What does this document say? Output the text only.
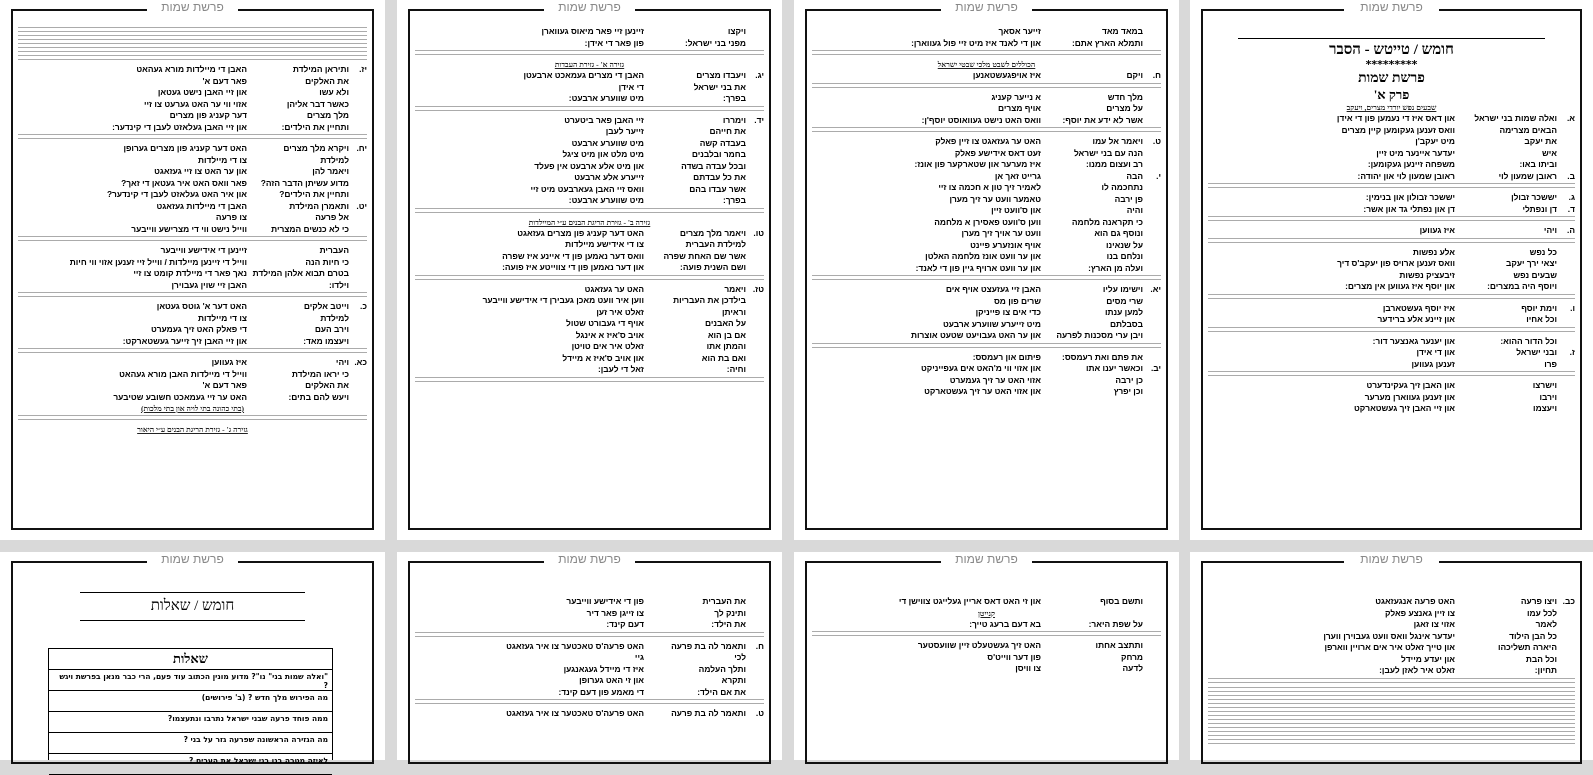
פרשת שמות
חומש / טייטש - הסבר
*********
פרשת שמות
פרק א'
שבעים נפש יורדי מצרים, ויעקב
א.
ואלה שמות בני ישראל
און דאס איז די נעמען פון די אידן
הבאים מצרימה
וואס זענען געקומען קיין מצרים
את יעקב
מיט יעקב'ן
איש
יעדער איינער מיט זיין
וביתו באו:
משפחה זיינען געקומען:
ב.
ראובן שמעון לוי
ראובן שמעון לוי און יהודה:
ג.
יששכר זבולן
יששכר זבולון און בנימין:
ד.
דן ונפתלי
דן און נפתלי גד און אשר:
ה.
ויהי
איז געווען
כל נפש
אלע נפשות
יצאי ירך יעקב
וואס זענען ארויס פון יעקב'ס דיך
שבעים נפש
זיבעציק נפשות
ויוסף היה במצרים:
און יוסף איז געווען אין מצרים:
ו.
וימת יוסף
איז יוסף געשטארבן
וכל אחיו
און זיינע אלע ברידער
וכל הדור ההוא:
און יענער גאנצער דור:
ז.
ובני ישראל
און די אידן
פרו
זענען געווען
וישרצו
און האבן זיך געקינדערט
וירבו
און זענען געווארן מערער
ויעצמו
און זיי האבן זיך געשטארקט
פרשת שמות
במאד מאד
זייער אסאך
ותמלא הארץ אתם:
און די לאנד איז מיט זיי פול געווארן:
הכוללים לשבט מלכי שבטי ישראל
ח.
ויקם
איז אויפגעשטאנען
מלך חדש
א נייער קעניג
על מצרים
אויף מצרים
אשר לא ידע את יוסף:
וואס האט נישט געוואוסט יוסף'ן:
ט.
ויאמר אל עמו
האט ער געזאגט צו זיין פאלק
הנה עם בני ישראל
זעט דאס אידישע פאלק
רב ועצום ממנו:
איז מערער און שטארקער פון אונז:
י.
הבה
גרייט זאך אן
נתחכמה לו
לאמיר זיך טון א חכמה צו זיי
פן ירבה
טאמער וועט ער זיך מערן
והיה
און ס'וועט זיין
כי תקראנה מלחמה
ווען ס'וועט פאסירן א מלחמה
ונוסף גם הוא
וועט ער אויך זיך מערן
על שנאינו
אויף אונזערע פיינט
ונלחם בנו
און ער וועט אונז מלחמה האלטן
ועלה מן הארץ:
און ער וועט ארויף גיין פון די לאנד:
יא.
וישימו עליו
האבן זיי געזעצט אויף אים
שרי מסים
שרים פון מס
למען ענתו
כדי אים צו פייניקן
בסבלתם
מיט זייערע שווערע ארבעט
ויבן ערי מסכנות לפרעה
און ער האט געבויעט שטעט אוצרות
את פתם ואת רעמסס:
פיתום און רעמסס:
יב.
וכאשר יענו אתו
און אזוי ווי מ'האט אים געפייניקט
כן ירבה
אזוי האט ער זיך געמערט
וכן יפרץ
און אזוי האט ער זיך געשטארקט
פרשת שמות
ויקצו
זיינען זיי פאר מיאוס געווארן
מפני בני ישראל:
פון פאר די אידן:
גזירה א' - גזירת העבדות
יג.
ויעבדו מצרים
האבן די מצרים געמאכט ארבעטן
את בני ישראל
די אידן
בפרך:
מיט שווערע ארבעט:
יד.
וימררו
זיי האבן פאר ביטערט
את חייהם
זייער לעבן
בעבדה קשה
מיט שווערע ארבעט
בחמר ובלבנים
מיט מלט און מיט ציגל
ובכל עבדה בשדה
און מיט אלע ארבעט אין פעלד
את כל עבדתם
זייערע אלע ארבעט
אשר עבדו בהם
וואס זיי האבן געארבעט מיט זיי
בפרך:
מיט שווערע ארבעט:
גזירה ב' - גזירת הריגת הבנים ע״י המיילדות
טו.
ויאמר מלך מצרים
האט דער קעניג פון מצרים געזאגט
למילדת העברית
צו די אידישע מיילדות
אשר שם האחת שפרה
וואס דער נאמען פון די איינע איז שפרה
ושם השנית פועה:
און דער נאמען פון די צווייטע איז פועה:
טז.
ויאמר
האט ער געזאגט
בילדכן את העבריות
ווען איר וועט מאכן געבירן די אידישע ווייבער
וראיתן
זאלט איר זען
על האבנים
אויף די געבורט שטול
אם בן הוא
אויב ס'איז א אינגל
והמתן אתו
זאלט איר אים טויטן
ואם בת הוא
און אויב ס'איז א מיידל
וחיה:
זאל די לעבן:
פרשת שמות
יז.
ותיראן המילדת
האבן די מיילדות מורא געהאט
את האלקים
פאר דעם א'
ולא עשו
און זיי האבן נישט געטאן
כאשר דבר אליהן
אזוי ווי ער האט גערעט צו זיי
מלך מצרים
דער קעניג פון מצרים
ותחיין את הילדים:
און זיי האבן געלאזט לעבן די קינדער:
יח.
ויקרא מלך מצרים
האט דער קעניג פון מצרים גערופן
למילדת
צו די מיילדות
ויאמר להן
און ער האט צו זיי געזאגט
מדוע עשיתן הדבר הזה?
פאר וואס האט איר געטאן די זאך?
ותחיין את הילדים?
און איר האט געלאזט לעבן די קינדער?
יט.
ותאמרן המילדת
האבן די מיילדות געזאגט
אל פרעה
צו פרעה
כי לא כנשים המצרית
ווייל נישט ווי די מצרישע ווייבער
העברית
זיינען די אידישע ווייבער
כי חיות הנה
ווייל די זיינען מיילדות / ווייל זיי זענען אזוי ווי חיות
בטרם תבוא אלהן המילדת
נאך פאר די מיילדת קומט צו זיי
וילדו:
האבן זיי שוין געבוירן
כ.
וייטב אלקים
האט דער א' גוטס געטאן
למילדת
צו די מיילדות
וירב העם
די פאלק האט זיך געמערט
ויעצמו מאד:
און זיי האבן זיך זייער געשטארקט:
כא.
ויהי
איז געווען
כי יראו המילדת
ווייל די מיילדות האבן מורא געהאט
את האלקים
פאר דעם א'
ויעש להם בתים:
האט ער זיי געמאכט חשובע שטיבער
(בתי כהונה בתי לויה און בתי מלכות)
גזירה ג' - גזירת הריגת הבנים ע״י היאור
פרשת שמות
כב.
ויצו פרעה
האט פרעה אנגעזאגט
לכל עמו
צו זיין גאנצע פאלק
לאמר
אזוי צו זאגן
כל הבן הילוד
יעדער אינגל וואס וועט געבוירן ווערן
היארה תשליכהו
און טייך זאלט איר אים ארויין ווארפן
וכל הבת
און יעדע מיידל
תחיון:
זאלט איר לאזן לעבן:
פרשת שמות
ותשם בסוף
און זי האט דאס אריין געלייגט צווישן די
קנייטן
על שפת היאר:
בא דעם ברעג טייך:
ותתצב אחתו
האט זיך געשטעלט זיין שוועסטער
מרחק
פון דער ווייט'ס
לדעה
צו וויסן
פרשת שמות
את העברית
פון די אידישע ווייבער
ותינק לך
צו זייגן פאר דיר
את הילד:
דעם קינד:
ח.
ותאמר לה בת פרעה
האט פרעה'ס טאכטער צו איר געזאגט
לכי
גיי
ותלך העלמה
איז די מיידל געגאנגען
ותקרא
און זי האט גערופן
את אם הילד:
די מאמע פון דעם קינד:
ט.
ותאמר לה בת פרעה
האט פרעה'ס טאכטער צו איר געזאגט
פרשת שמות
חומש / שאלות
שאלות
"ואלה שמות בני" נו"? מדוע מונין הכתוב עוד פעם, הרי כבר מנאן בפרשת ויגש ?
מה הפירוש מלך חדש ? (ב' פירושים)
ממה פוחד פרעה שבני ישראל נתרבו ונתעצמו?
מה הגזירה הראשונה שפרעה גזר על בני ?
לאיזה מטרה בנו בני ישראל את הערים ?
